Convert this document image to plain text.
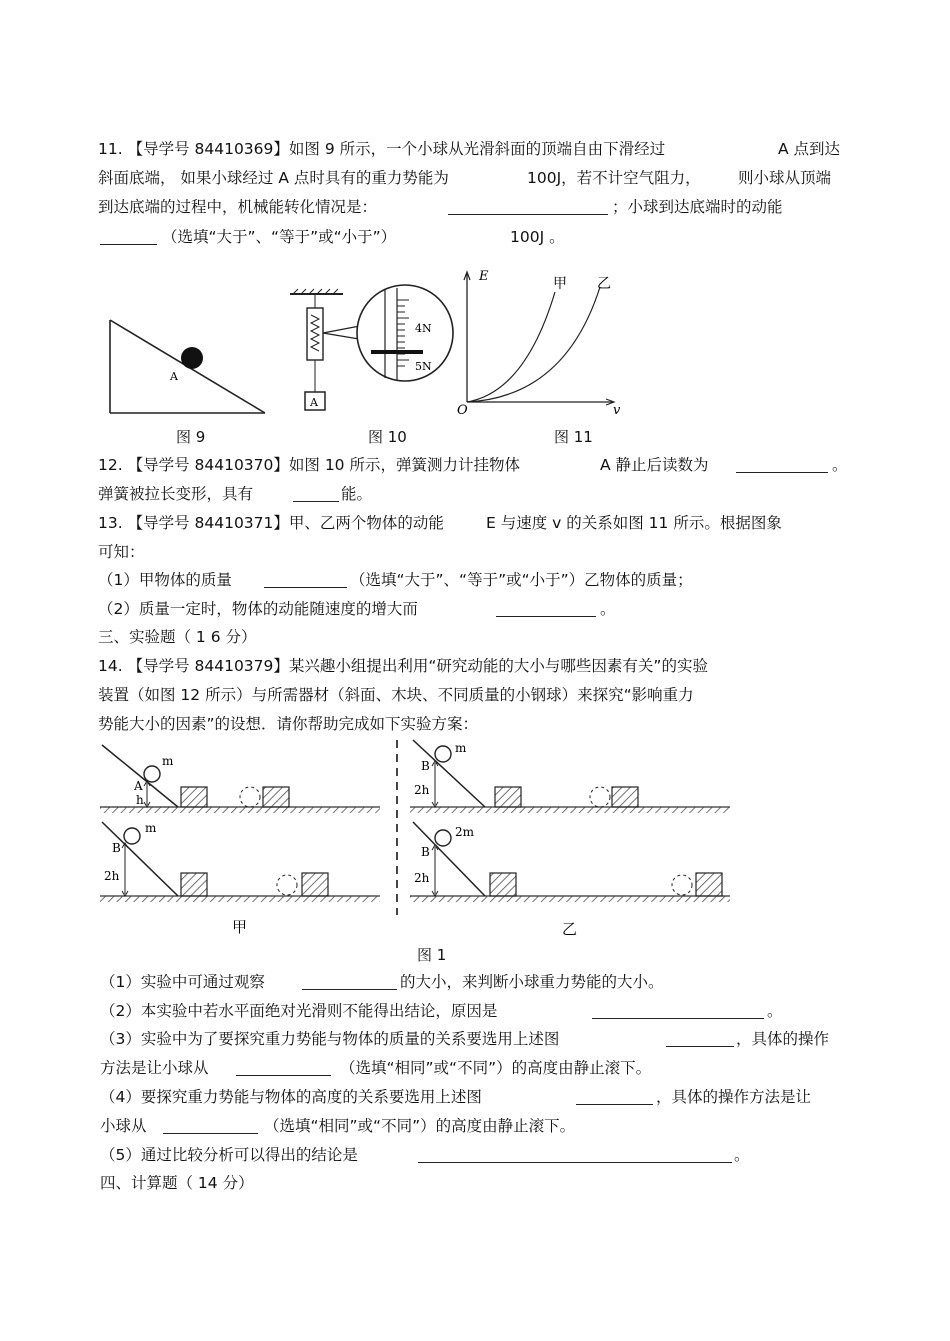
11. 【导学号 84410369】如图 9 所示，一个小球从光滑斜面的顶端自由下滑经过	A 点到达
斜面底端， 如果小球经过 A 点时具有的重力势能为	100J，若不计空气阻力， 则小球从顶端
到达底端的过程中，机械能转化情况是：	；小球到达底端时的动能
（选填“大于”、“等于”或“小于”）	100J 。
A
图 9
A
4N
5N
图 10
E
v
O
甲 乙
图 11
12. 【导学号 84410370】如图 10 所示，弹簧测力计挂物体	A 静止后读数为	。
弹簧被拉长变形，具有	能。
13. 【导学号 84410371】甲、乙两个物体的动能	E 与速度 v 的关系如图 11 所示。根据图象
可知：
（1）甲物体的质量	（选填“大于”、“等于”或“小于”）乙物体的质量；
（2）质量一定时，物体的动能随速度的增大而	。
三、实验题（ 1 6 分）
14. 【导学号 84410379】某兴趣小组提出利用“研究动能的大小与哪些因素有关”的实验
装置（如图 12 所示）与所需器材（斜面、木块、不同质量的小钢球）来探究“影响重力
势能大小的因素”的设想．请你帮助完成如下实验方案：
m
A
h
m
B
2h
m
B
2h
2m
B
2h
甲	乙
图 1
（1）实验中可通过观察	的大小，来判断小球重力势能的大小。
（2）本实验中若水平面绝对光滑则不能得出结论，原因是	。
（3）实验中为了要探究重力势能与物体的质量的关系要选用上述图	，具体的操作
方法是让小球从	（选填“相同”或“不同”）的高度由静止滚下。
（4）要探究重力势能与物体的高度的关系要选用上述图	，具体的操作方法是让
小球从	（选填“相同”或“不同”）的高度由静止滚下。
（5）通过比较分析可以得出的结论是	。
四、计算题（ 14 分）
